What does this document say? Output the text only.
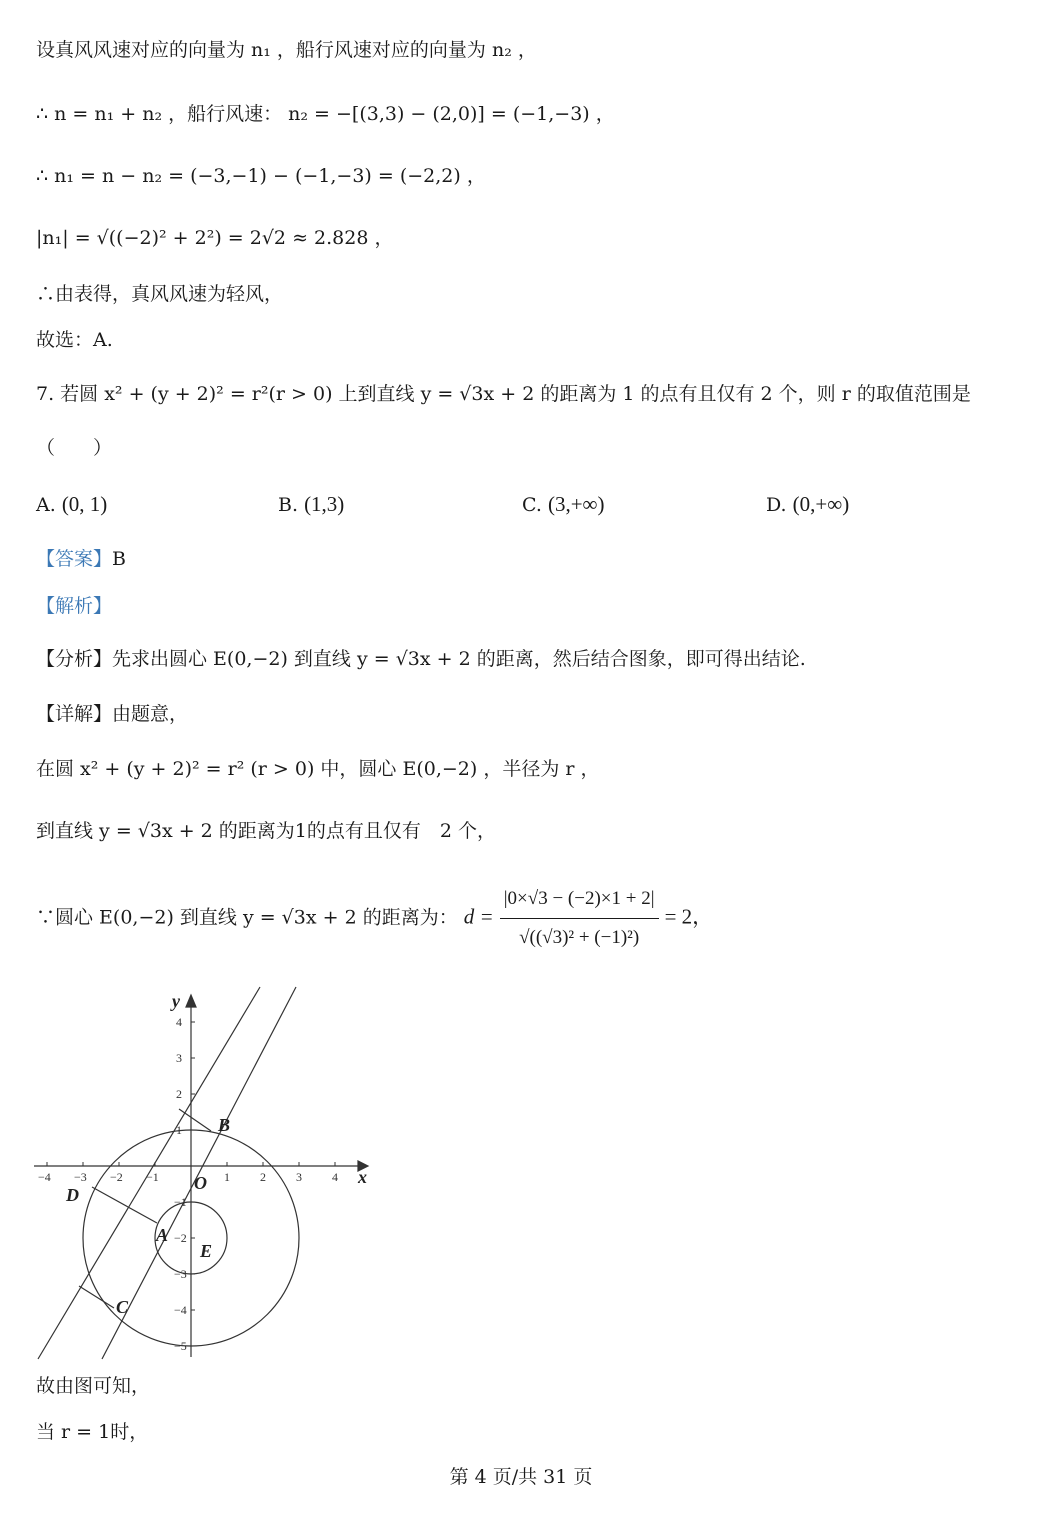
设真风风速对应的向量为 n₁ ，船行风速对应的向量为 n₂ ，
∴ n = n₁ + n₂ ，船行风速： n₂ = −[(3,3) − (2,0)] = (−1,−3) ，
∴ n₁ = n − n₂ = (−3,−1) − (−1,−3) = (−2,2) ，
|n₁| = √((−2)² + 2²) = 2√2 ≈ 2.828 ，
∴由表得，真风风速为轻风，
故选：A.
7. 若圆 x² + (y + 2)² = r²(r > 0) 上到直线 y = √3x + 2 的距离为 1 的点有且仅有 2 个，则 r 的取值范围是
（　　）
A. (0, 1)	B. (1,3)	C. (3,+∞)	D. (0,+∞)
【答案】B
【解析】
【分析】先求出圆心 E(0,−2) 到直线 y = √3x + 2 的距离，然后结合图象，即可得出结论.
【详解】由题意，
在圆 x² + (y + 2)² = r² (r > 0) 中，圆心 E(0,−2) ，半径为 r ，
到直线 y = √3x + 2 的距离为1的点有且仅有　2 个，
∵圆心 E(0,−2) 到直线 y = √3x + 2 的距离为： $d = \frac{|0\times√3 - (-2)\times 1 + 2|}{\text{√((√3)² + (−1)²)}} = 2$，
−4 −3 −2 −1	1	2	3	4
4
3
2
1
−1
−2
−3
−4
−5
x
y
O
B
D
A
E
C
故由图可知，
当 r = 1时，
第 4 页/共 31 页
